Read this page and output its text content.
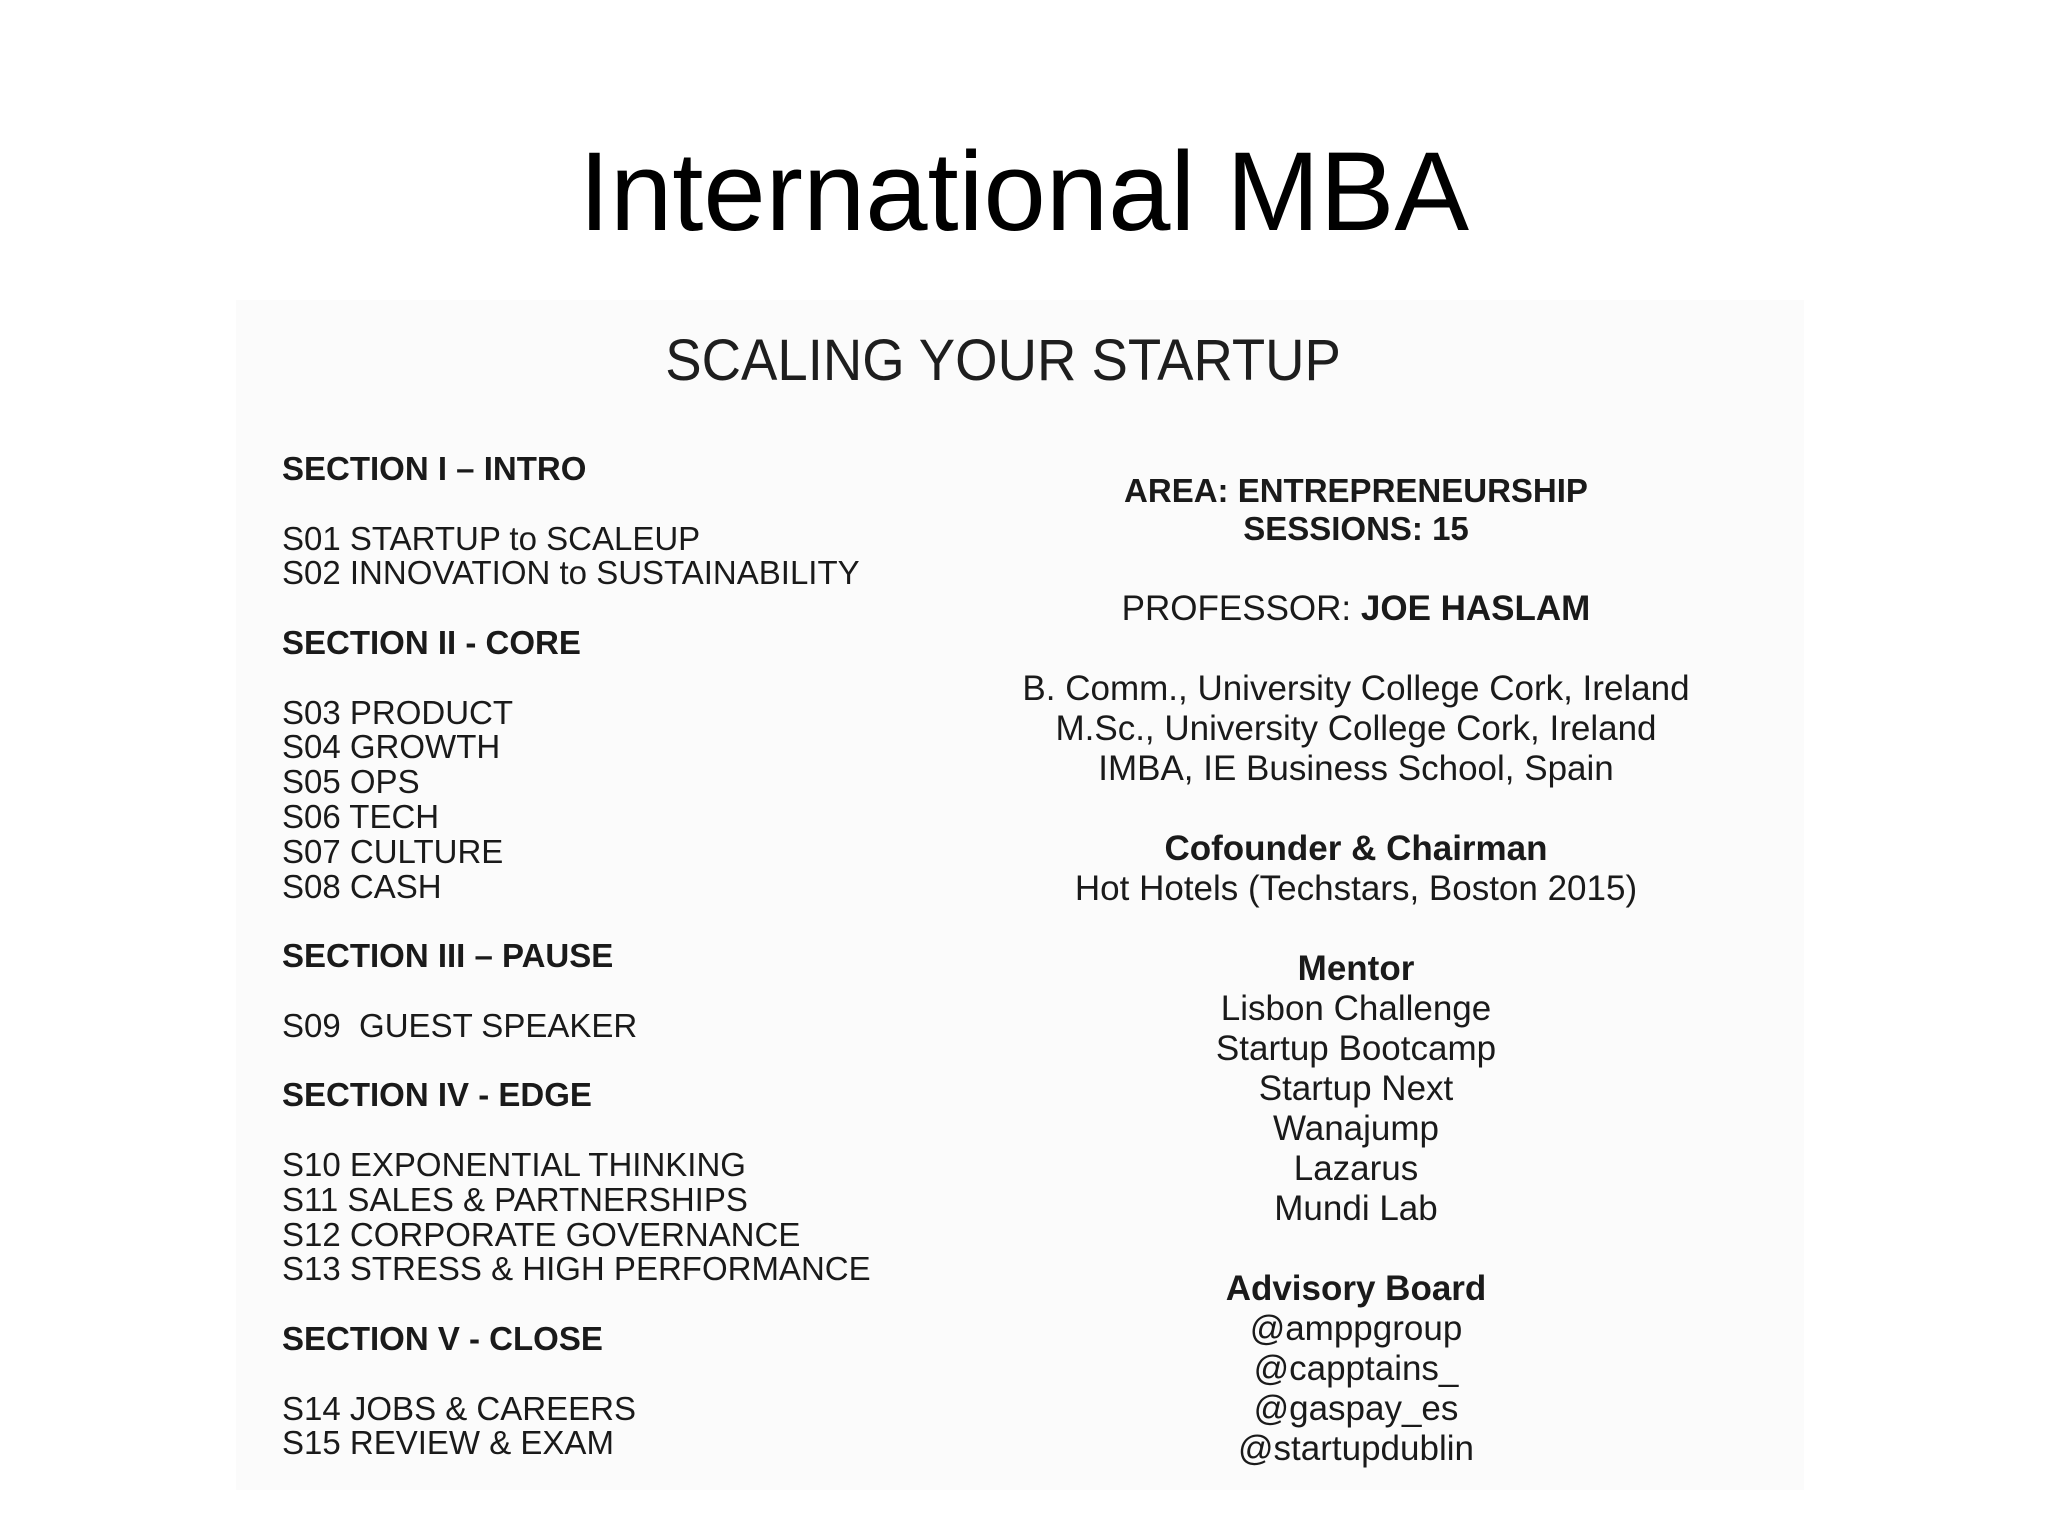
International MBA
SCALING YOUR STARTUP

SECTION I – INTRO

S01 STARTUP to SCALEUP
S02 INNOVATION to SUSTAINABILITY

SECTION II - CORE

S03 PRODUCT
S04 GROWTH
S05 OPS
S06 TECH
S07 CULTURE
S08 CASH

SECTION III – PAUSE

S09  GUEST SPEAKER

SECTION IV - EDGE

S10 EXPONENTIAL THINKING
S11 SALES & PARTNERSHIPS
S12 CORPORATE GOVERNANCE
S13 STRESS & HIGH PERFORMANCE

SECTION V - CLOSE

S14 JOBS & CAREERS
S15 REVIEW & EXAM
AREA: ENTREPRENEURSHIP
SESSIONS: 15
PROFESSOR: JOE HASLAM
B. Comm., University College Cork, Ireland
M.Sc., University College Cork, Ireland
IMBA, IE Business School, Spain
Cofounder & Chairman
Hot Hotels (Techstars, Boston 2015)
Mentor
Lisbon Challenge
Startup Bootcamp
Startup Next
Wanajump
Lazarus
Mundi Lab
Advisory Board
@amppgroup
@capptains_
@gaspay_es
@startupdublin
